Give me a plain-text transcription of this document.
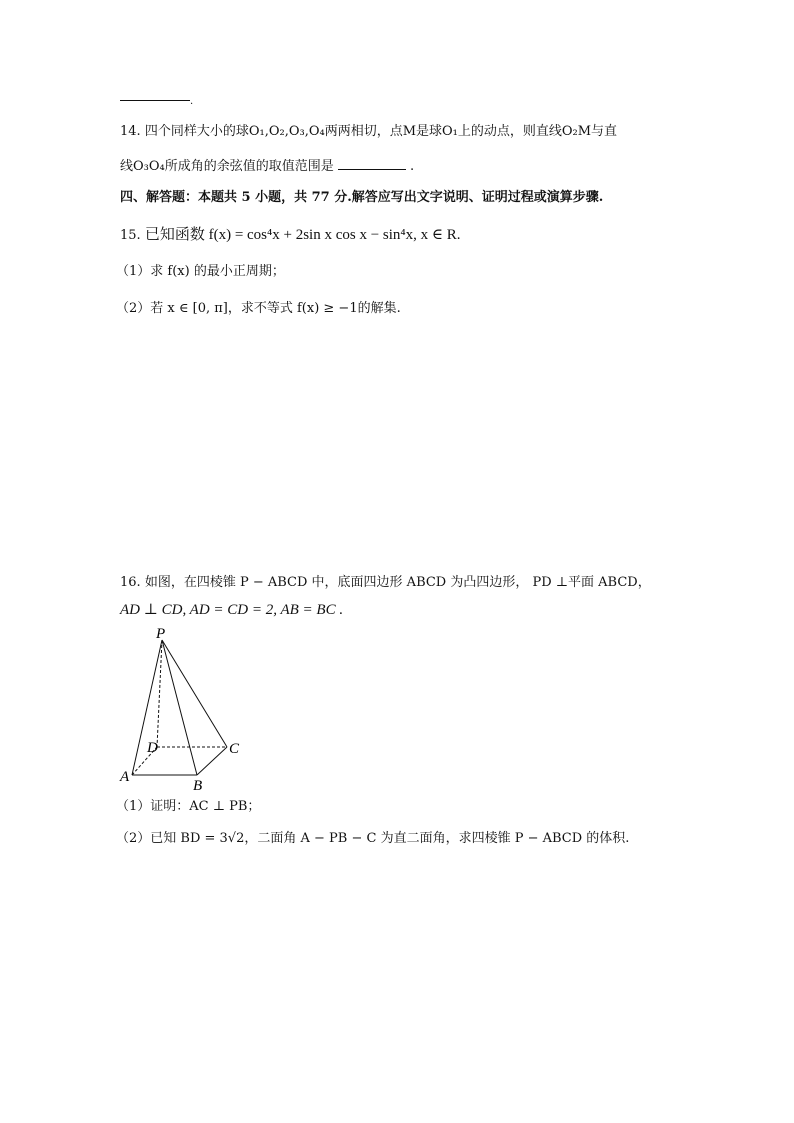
.
14. 四个同样大小的球O₁,O₂,O₃,O₄两两相切，点M是球O₁上的动点，则直线O₂M与直
线O₃O₄所成角的余弦值的取值范围是	.
四、解答题：本题共 5 小题，共 77 分.解答应写出文字说明、证明过程或演算步骤.
15. 已知函数 f(x) = cos⁴x + 2sin x cos x − sin⁴x, x ∈ R.
（1）求 f(x) 的最小正周期；
（2）若 x ∈ [0, π]，求不等式 f(x) ≥ −1的解集.
16. 如图，在四棱锥 P − ABCD 中，底面四边形 ABCD 为凸四边形， PD ⊥平面 ABCD，
AD ⊥ CD, AD = CD = 2, AB = BC .
P
D	C
A
B
（1）证明：AC ⊥ PB；
（2）已知 BD = 3√2，二面角 A − PB − C 为直二面角，求四棱锥 P − ABCD 的体积.
